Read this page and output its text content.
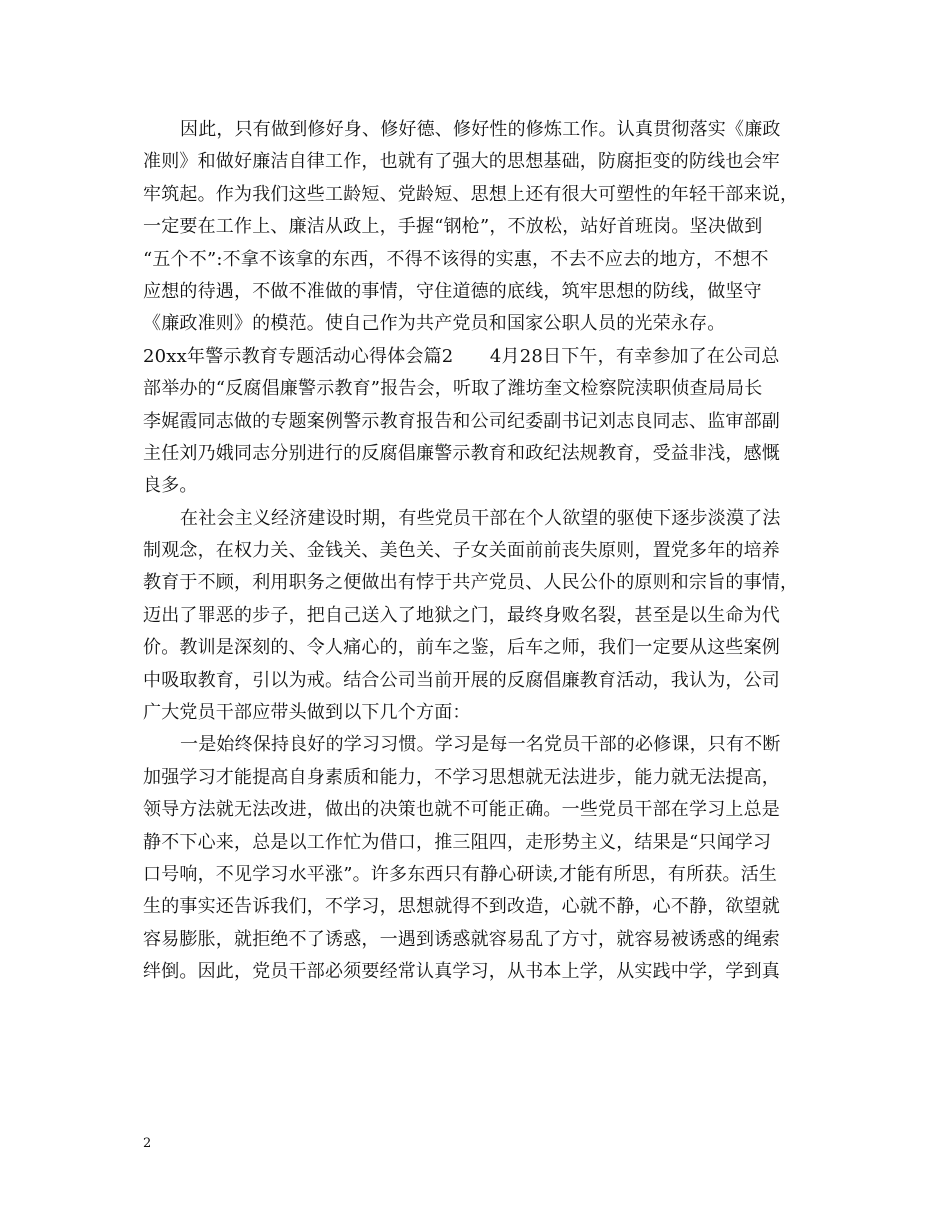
因此，只有做到修好身、修好德、修好性的修炼工作。认真贯彻落实《廉政
准则》和做好廉洁自律工作，也就有了强大的思想基础，防腐拒变的防线也会牢
牢筑起。作为我们这些工龄短、党龄短、思想上还有很大可塑性的年轻干部来说，
一定要在工作上、廉洁从政上，手握“钢枪”，不放松，站好首班岗。坚决做到
“五个不”:不拿不该拿的东西，不得不该得的实惠，不去不应去的地方，不想不
应想的待遇，不做不准做的事情，守住道德的底线，筑牢思想的防线，做坚守
《廉政准则》的模范。使自己作为共产党员和国家公职人员的光荣永存。
20xx年警示教育专题活动心得体会篇2　　4月28日下午，有幸参加了在公司总
部举办的“反腐倡廉警示教育”报告会，听取了潍坊奎文检察院渎职侦查局局长
李娓霞同志做的专题案例警示教育报告和公司纪委副书记刘志良同志、监审部副
主任刘乃娥同志分别进行的反腐倡廉警示教育和政纪法规教育，受益非浅，感慨
良多。
在社会主义经济建设时期，有些党员干部在个人欲望的驱使下逐步淡漠了法
制观念，在权力关、金钱关、美色关、子女关面前前丧失原则，置党多年的培养
教育于不顾，利用职务之便做出有悖于共产党员、人民公仆的原则和宗旨的事情，
迈出了罪恶的步子，把自己送入了地狱之门，最终身败名裂，甚至是以生命为代
价。教训是深刻的、令人痛心的，前车之鉴，后车之师，我们一定要从这些案例
中吸取教育，引以为戒。结合公司当前开展的反腐倡廉教育活动，我认为，公司
广大党员干部应带头做到以下几个方面：
一是始终保持良好的学习习惯。学习是每一名党员干部的必修课，只有不断
加强学习才能提高自身素质和能力，不学习思想就无法进步，能力就无法提高，
领导方法就无法改进，做出的决策也就不可能正确。一些党员干部在学习上总是
静不下心来，总是以工作忙为借口，推三阻四，走形势主义，结果是“只闻学习
口号响，不见学习水平涨”。许多东西只有静心研读,才能有所思，有所获。活生
生的事实还告诉我们，不学习，思想就得不到改造，心就不静，心不静，欲望就
容易膨胀，就拒绝不了诱惑，一遇到诱惑就容易乱了方寸，就容易被诱惑的绳索
绊倒。因此，党员干部必须要经常认真学习，从书本上学，从实践中学，学到真
2
